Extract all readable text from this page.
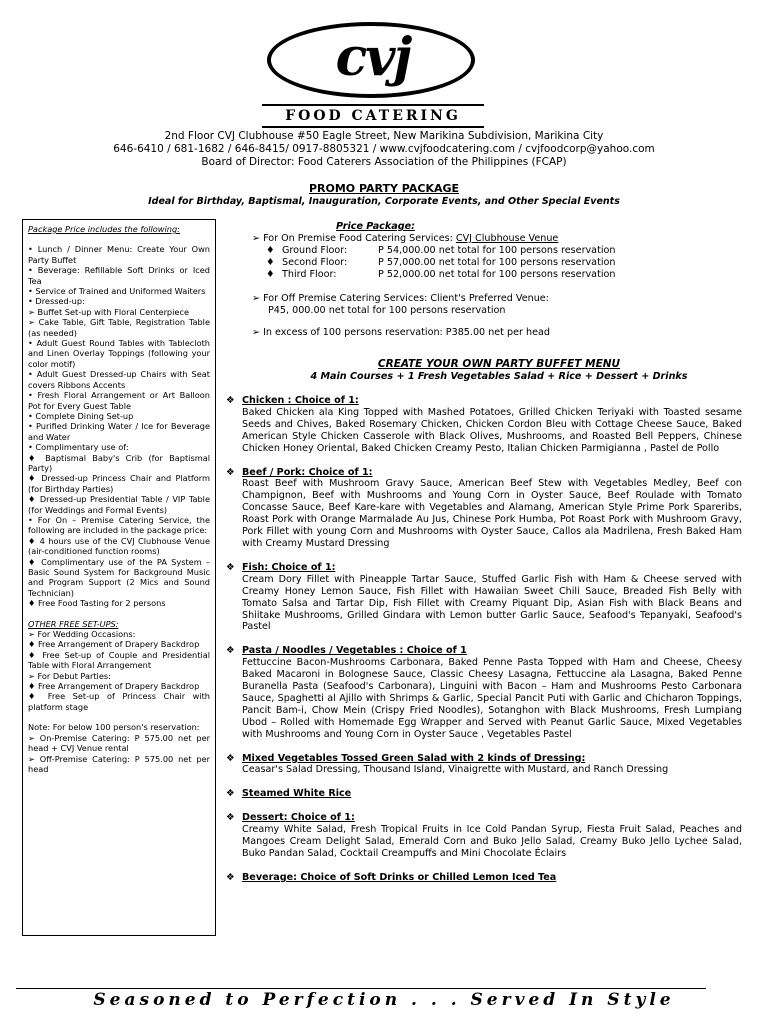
cvj
FOOD CATERING
2nd Floor CVJ Clubhouse #50 Eagle Street, New Marikina Subdivision, Marikina City
646-6410 / 681-1682 / 646-8415/ 0917-8805321 / www.cvjfoodcatering.com / cvjfoodcorp@yahoo.com
Board of Director: Food Caterers Association of the Philippines (FCAP)
PROMO PARTY PACKAGE
Ideal for Birthday, Baptismal, Inauguration, Corporate Events, and Other Special Events

Package Price includes the following:

• Lunch / Dinner Menu: Create Your Own Party Buffet

• Beverage: Refillable Soft Drinks or Iced Tea

• Service of Trained and Uniformed Waiters

• Dressed-up:

➢ Buffet Set-up with Floral Centerpiece

➢ Cake Table, Gift Table, Registration Table (as needed)

• Adult Guest Round Tables with Tablecloth and Linen Overlay Toppings (following your color motif)

• Adult Guest Dressed-up Chairs with Seat covers Ribbons Accents

• Fresh Floral Arrangement or Art Balloon Pot for Every Guest Table

• Complete Dining Set-up

• Purified Drinking Water / Ice for Beverage and Water

• Complimentary use of:

♦ Baptismal Baby's Crib (for Baptismal Party)

♦ Dressed-up Princess Chair and Platform (for Birthday Parties)

♦ Dressed-up Presidential Table / VIP Table (for Weddings and Formal Events)

• For On – Premise Catering Service, the following are included in the package price:

♦ 4 hours use of the CVJ Clubhouse Venue (air-conditioned function rooms)

♦ Complimentary use of the PA System – Basic Sound System for Background Music and Program Support (2 Mics and Sound Technician)

♦ Free Food Tasting for 2 persons

OTHER FREE SET-UPS:

➢ For Wedding Occasions:

♦ Free Arrangement of Drapery Backdrop

♦ Free Set-up of Couple and Presidential Table with Floral Arrangement

➢ For Debut Parties:

♦ Free Arrangement of Drapery Backdrop

♦ Free Set-up of Princess Chair with platform stage

Note: For below 100 person's reservation:

➢ On-Premise Catering: P 575.00 net per head + CVJ Venue rental

➢ Off-Premise Catering: P 575.00 net per head

Price Package:
➢ For On Premise Food Catering Services: CVJ Clubhouse Venue
♦ Ground Floor:	P 54,000.00 net total for 100 persons reservation
♦ Second Floor:	P 57,000.00 net total for 100 persons reservation
♦ Third Floor:	P 52,000.00 net total for 100 persons reservation
➢ For Off Premise Catering Services: Client's Preferred Venue:
P45, 000.00 net total for 100 persons reservation
➢ In excess of 100 persons reservation: P385.00 net per head
CREATE YOUR OWN PARTY BUFFET MENU
4 Main Courses + 1 Fresh Vegetables Salad + Rice + Dessert + Drinks
❖ Chicken : Choice of 1:
Baked Chicken ala King Topped with Mashed Potatoes, Grilled Chicken Teriyaki with Toasted sesame Seeds and Chives, Baked Rosemary Chicken, Chicken Cordon Bleu with Cottage Cheese Sauce, Baked American Style Chicken Casserole with Black Olives, Mushrooms, and Roasted Bell Peppers, Chinese Chicken Honey Oriental, Baked Chicken Creamy Pesto, Italian Chicken Parmigianna , Pastel de Pollo
❖ Beef / Pork: Choice of 1:
Roast Beef with Mushroom Gravy Sauce, American Beef Stew with Vegetables Medley, Beef con Champignon, Beef with Mushrooms and Young Corn in Oyster Sauce, Beef Roulade with Tomato Concasse Sauce, Beef Kare-kare with Vegetables and Alamang, American Style Prime Pork Spareribs, Roast Pork with Orange Marmalade Au Jus, Chinese Pork Humba, Pot Roast Pork with Mushroom Gravy, Pork Fillet with young Corn and Mushrooms with Oyster Sauce, Callos ala Madrilena, Fresh Baked Ham with Creamy Mustard Dressing
❖ Fish: Choice of 1:
Cream Dory Fillet with Pineapple Tartar Sauce, Stuffed Garlic Fish with Ham & Cheese served with Creamy Honey Lemon Sauce, Fish Fillet with Hawaiian Sweet Chili Sauce, Breaded Fish Belly with Tomato Salsa and Tartar Dip, Fish Fillet with Creamy Piquant Dip, Asian Fish with Black Beans and Shiitake Mushrooms, Grilled Gindara with Lemon butter Garlic Sauce, Seafood's Tepanyaki, Seafood's Pastel
❖ Pasta / Noodles / Vegetables : Choice of 1
Fettuccine Bacon-Mushrooms Carbonara, Baked Penne Pasta Topped with Ham and Cheese, Cheesy Baked Macaroni in Bolognese Sauce, Classic Cheesy Lasagna, Fettuccine ala Lasagna, Baked Penne Buranella Pasta (Seafood's Carbonara), Linguini with Bacon – Ham and Mushrooms Pesto Carbonara Sauce, Spaghetti al Ajillo with Shrimps & Garlic, Special Pancit Puti with Garlic and Chicharon Toppings, Pancit Bam-i, Chow Mein (Crispy Fried Noodles), Sotanghon with Black Mushrooms, Fresh Lumpiang Ubod – Rolled with Homemade Egg Wrapper and Served with Peanut Garlic Sauce, Mixed Vegetables with Mushrooms and Young Corn in Oyster Sauce , Vegetables Pastel
❖ Mixed Vegetables Tossed Green Salad with 2 kinds of Dressing:
Ceasar's Salad Dressing, Thousand Island, Vinaigrette with Mustard, and Ranch Dressing
❖ Steamed White Rice
❖ Dessert: Choice of 1:
Creamy White Salad, Fresh Tropical Fruits in Ice Cold Pandan Syrup, Fiesta Fruit Salad, Peaches and Mangoes Cream Delight Salad, Emerald Corn and Buko Jello Salad, Creamy Buko Jello Lychee Salad, Buko Pandan Salad, Cocktail Creampuffs and Mini Chocolate Éclairs
❖ Beverage: Choice of Soft Drinks or Chilled Lemon Iced Tea
Seasoned to Perfection . . . Served In Style
